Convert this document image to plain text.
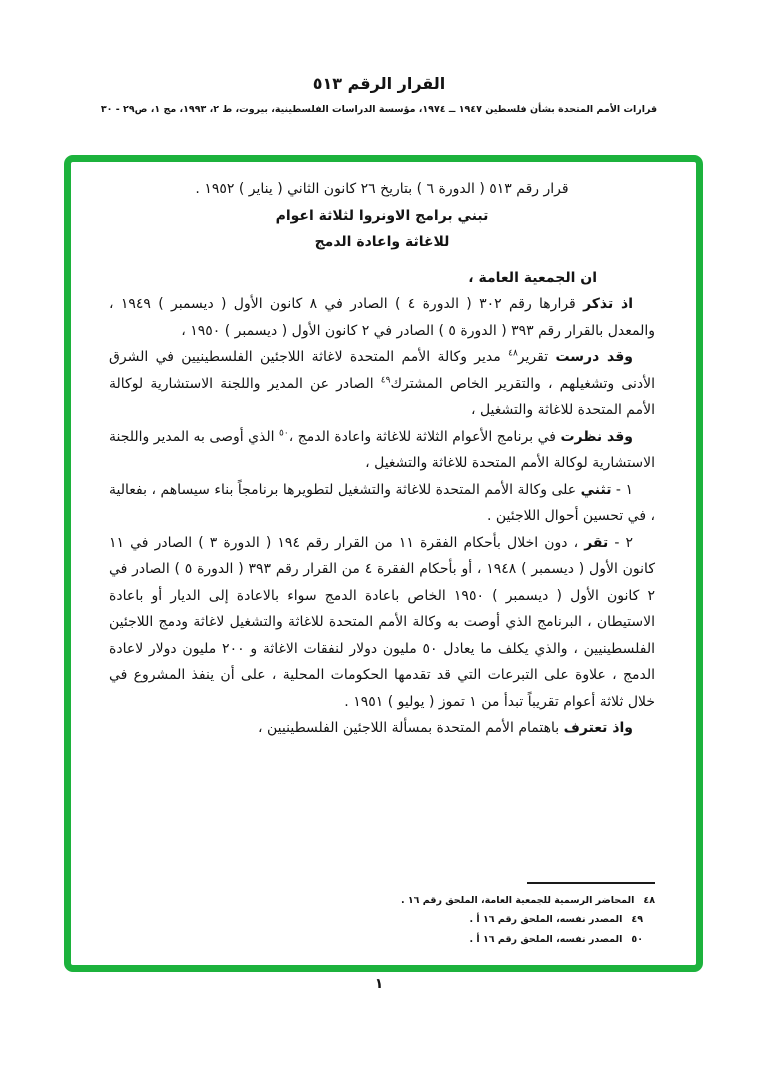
القرار الرقم ٥١٣
قرارات الأمم المتحدة بشأن فلسطين ١٩٤٧ ــ ١٩٧٤، مؤسسة الدراسات الفلسطينية، بيروت، ط ٢، ١٩٩٣، مج ١، ص٢٩ - ٣٠
قرار رقم ٥١٣ ( الدورة ٦ ) بتاريخ ٢٦ كانون الثاني ( يناير ) ١٩٥٢ .
تبني برامج الاونروا لثلاثة اعوام
للاغاثة واعادة الدمج
ان الجمعية العامة ،
اذ تذكر قرارها رقم ٣٠٢ ( الدورة ٤ ) الصادر في ٨ كانون الأول ( ديسمبر ) ١٩٤٩ ، والمعدل بالقرار رقم ٣٩٣ ( الدورة ٥ ) الصادر في ٢ كانون الأول ( ديسمبر ) ١٩٥٠ ،
وقد درست تقرير$^{٤٨}$ مدير وكالة الأمم المتحدة لاغاثة اللاجئين الفلسطينيين في الشرق الأدنى وتشغيلهم ، والتقرير الخاص المشترك$^{٤٩}$ الصادر عن المدير واللجنة الاستشارية لوكالة الأمم المتحدة للاغاثة والتشغيل ،
وقد نظرت في برنامج الأعوام الثلاثة للاغاثة واعادة الدمج ،$^{٥٠}$ الذي أوصى به المدير واللجنة الاستشارية لوكالة الأمم المتحدة للاغاثة والتشغيل ،
١ - تثني على وكالة الأمم المتحدة للاغاثة والتشغيل لتطويرها برنامجاً بناء سيساهم ، بفعالية ، في تحسين أحوال اللاجئين .
٢ - تقر ، دون اخلال بأحكام الفقرة ١١ من القرار رقم ١٩٤ ( الدورة ٣ ) الصادر في ١١ كانون الأول ( ديسمبر ) ١٩٤٨ ، أو بأحكام الفقرة ٤ من القرار رقم ٣٩٣ ( الدورة ٥ ) الصادر في ٢ كانون الأول ( ديسمبر ) ١٩٥٠ الخاص باعادة الدمج سواء بالاعادة إلى الديار أو باعادة الاستيطان ، البرنامج الذي أوصت به وكالة الأمم المتحدة للاغاثة والتشغيل لاغاثة ودمج اللاجئين الفلسطينيين ، والذي يكلف ما يعادل ٥٠ مليون دولار لنفقات الاغاثة و ٢٠٠ مليون دولار لاعادة الدمج ، علاوة على التبرعات التي قد تقدمها الحكومات المحلية ، على أن ينفذ المشروع في خلال ثلاثة أعوام تقريباً تبدأ من ١ تموز ( يوليو ) ١٩٥١ .
واذ تعترف باهتمام الأمم المتحدة بمسألة اللاجئين الفلسطينيين ،
٤٨
المحاضر الرسمية للجمعية العامة، الملحق رقم ١٦ .
٤٩
المصدر نفسه، الملحق رقم ١٦ أ .
٥٠
المصدر نفسه، الملحق رقم ١٦ أ .
١
